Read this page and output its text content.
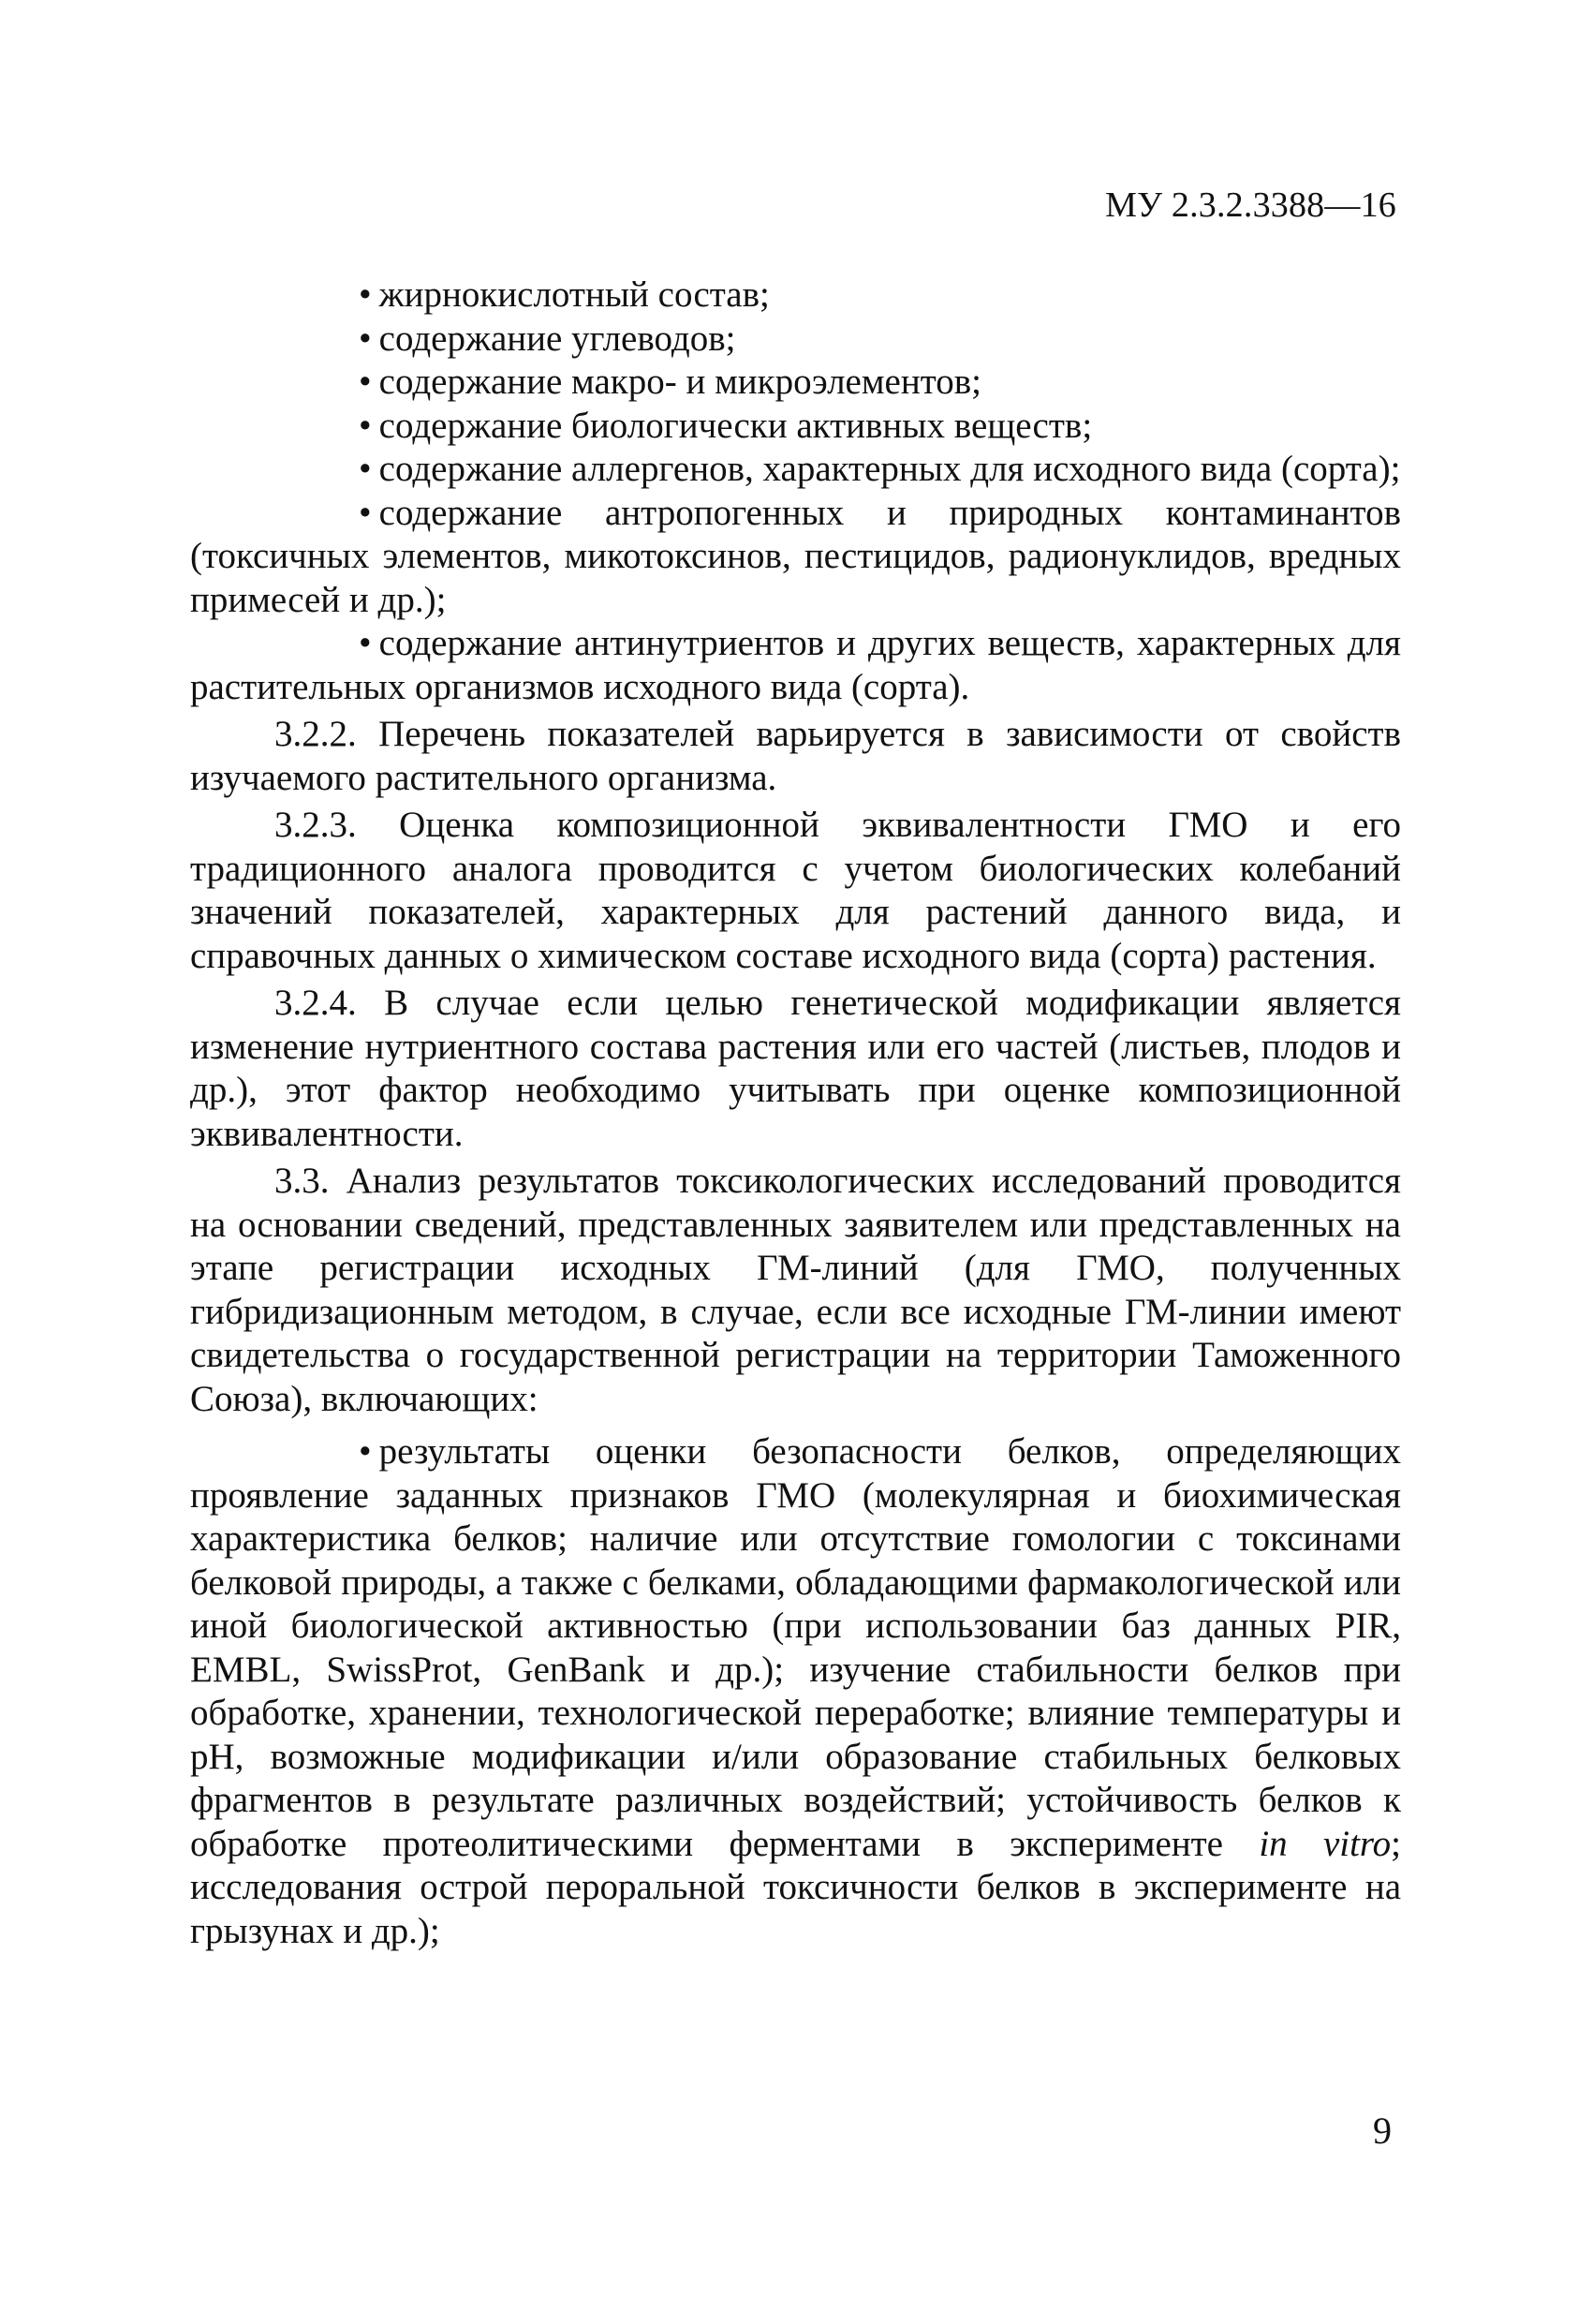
МУ 2.3.2.3388—16

• жирнокислотный состав;

• содержание углеводов;

• содержание макро- и микроэлементов;

• содержание биологически активных веществ;

• содержание аллергенов, характерных для исходного вида (сорта);

• содержание антропогенных и природных контаминантов (токсичных элементов, микотоксинов, пестицидов, радионуклидов, вредных примесей и др.);

• содержание антинутриентов и других веществ, характерных для растительных организмов исходного вида (сорта).

3.2.2. Перечень показателей варьируется в зависимости от свойств изучаемого растительного организма.

3.2.3. Оценка композиционной эквивалентности ГМО и его традиционного аналога проводится с учетом биологических колебаний значений показателей, характерных для растений данного вида, и справочных данных о химическом составе исходного вида (сорта) растения.

3.2.4. В случае если целью генетической модификации является изменение нутриентного состава растения или его частей (листьев, плодов и др.), этот фактор необходимо учитывать при оценке композиционной эквивалентности.

3.3. Анализ результатов токсикологических исследований проводится на основании сведений, представленных заявителем или представленных на этапе регистрации исходных ГМ-линий (для ГМО, полученных гибридизационным методом, в случае, если все исходные ГМ-линии имеют свидетельства о государственной регистрации на территории Таможенного Союза), включающих:

• результаты оценки безопасности белков, определяющих проявление заданных признаков ГМО (молекулярная и биохимическая характеристика белков; наличие или отсутствие гомологии с токсинами белковой природы, а также с белками, обладающими фармакологической или иной биологической активностью (при использовании баз данных PIR, EMBL, SwissProt, GenBank и др.); изучение стабильности белков при обработке, хранении, технологической переработке; влияние температуры и pH, возможные модификации и/или образование стабильных белковых фрагментов в результате различных воздействий; устойчивость белков к обработке протеолитическими ферментами в эксперименте in vitro; исследования острой пероральной токсичности белков в эксперименте на грызунах и др.);

9
